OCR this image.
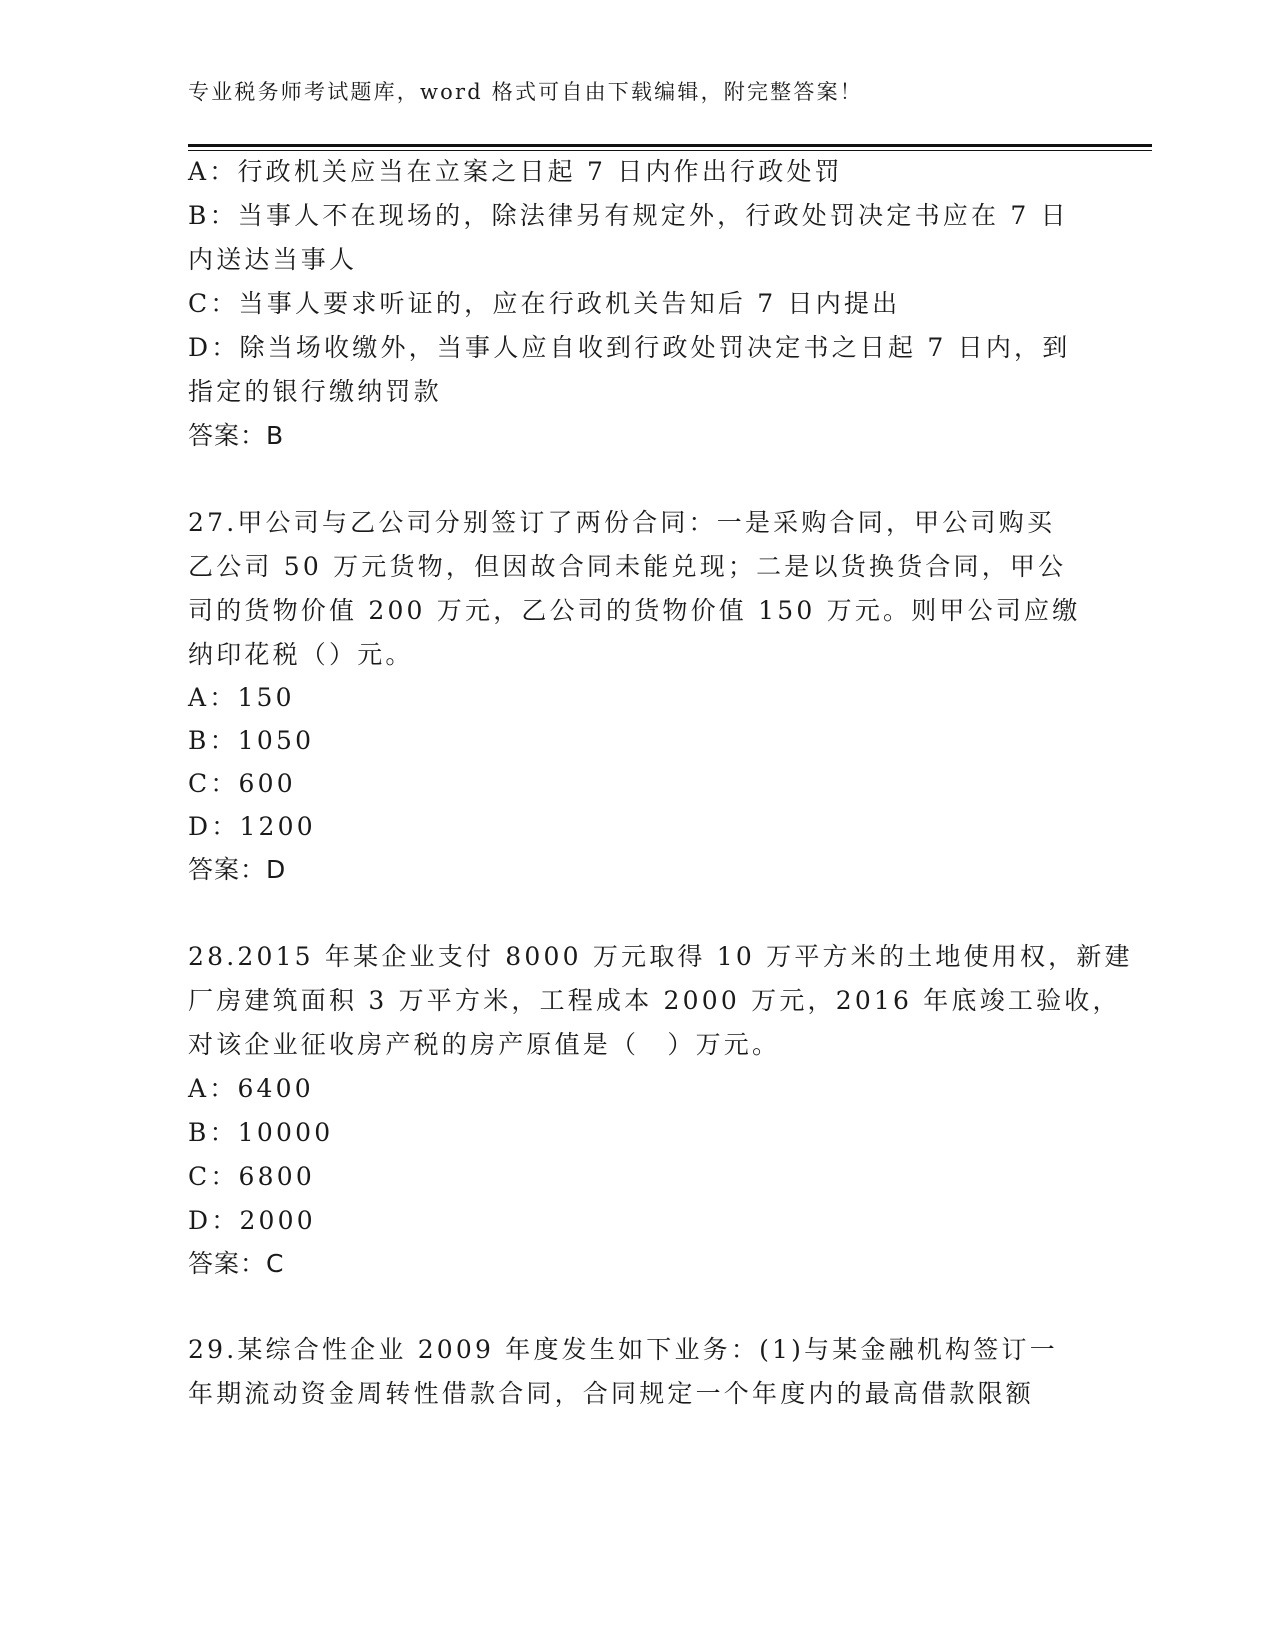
专业税务师考试题库，word 格式可自由下载编辑，附完整答案！
A：行政机关应当在立案之日起 7 日内作出行政处罚
B：当事人不在现场的，除法律另有规定外，行政处罚决定书应在 7 日
内送达当事人
C：当事人要求听证的，应在行政机关告知后 7 日内提出
D：除当场收缴外，当事人应自收到行政处罚决定书之日起 7 日内，到
指定的银行缴纳罚款
答案：B
27.甲公司与乙公司分别签订了两份合同：一是采购合同，甲公司购买
乙公司 50 万元货物，但因故合同未能兑现；二是以货换货合同，甲公
司的货物价值 200 万元，乙公司的货物价值 150 万元。则甲公司应缴
纳印花税（）元。
A：150
B：1050
C：600
D：1200
答案：D
28.2015 年某企业支付 8000 万元取得 10 万平方米的土地使用权，新建
厂房建筑面积 3 万平方米，工程成本 2000 万元，2016 年底竣工验收，
对该企业征收房产税的房产原值是（　）万元。
A：6400
B：10000
C：6800
D：2000
答案：C
29.某综合性企业 2009 年度发生如下业务：(1)与某金融机构签订一
年期流动资金周转性借款合同，合同规定一个年度内的最高借款限额
